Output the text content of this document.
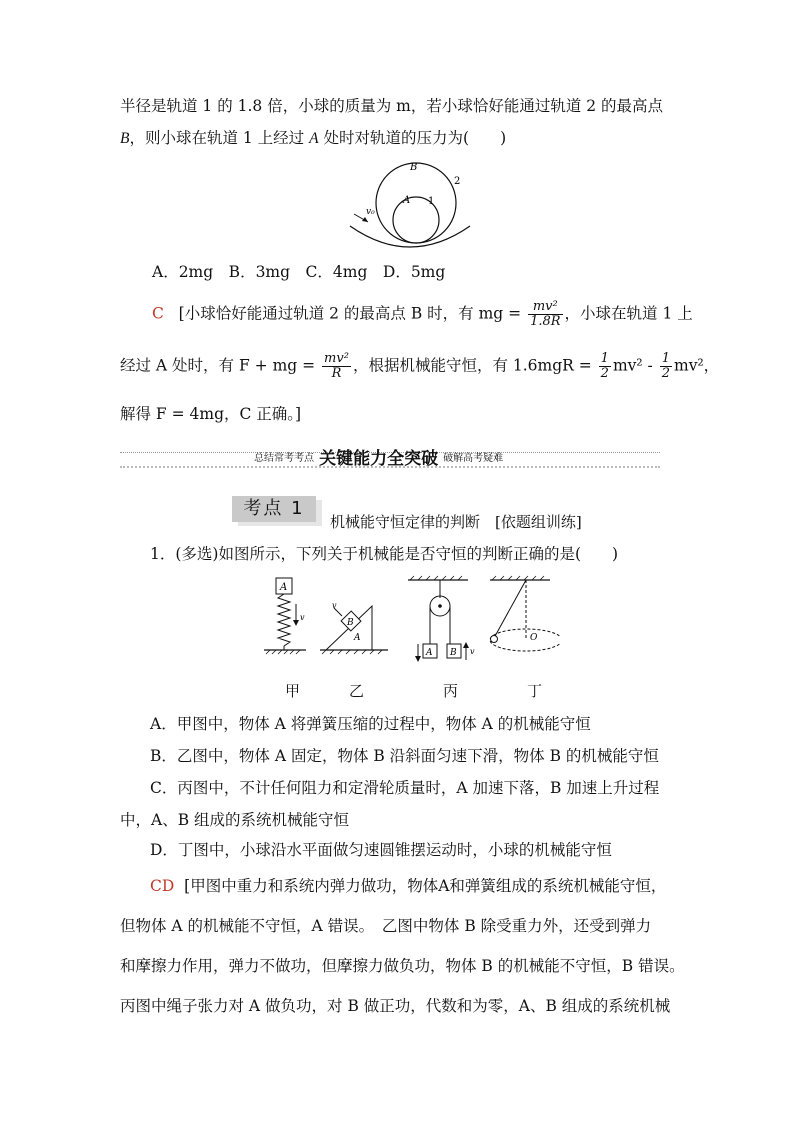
半径是轨道 1 的 1.8 倍，小球的质量为 m，若小球恰好能通过轨道 2 的最高点
B，则小球在轨道 1 上经过 A 处时对轨道的压力为(　　)
B
A 1
2
v₀
A．2mg　B．3mg　C．4mg　D．5mg
C [小球恰好能通过轨道 2 的最高点 B 时，有 mg = $\frac{\text{mv²}}{1.8R}$ ，小球在轨道 1 上
经过 A 处时，有 F + mg = $\frac{\text{mv²}}{R}$ ，根据机械能守恒，有 $1.6mgR = \frac{1}{2} mv^2 - \frac{1}{2} mv^2$，
解得 F = 4mg，C 正确。]
总结常考考点 关键能力全突破 破解高考疑难
考点 1
机械能守恒定律的判断　[依题组训练]
1．(多选)如图所示，下列关于机械能是否守恒的判断正确的是(　　)
A
v
B
A
v
A B v
O
甲	乙	丙	丁
A．甲图中，物体 A 将弹簧压缩的过程中，物体 A 的机械能守恒
B．乙图中，物体 A 固定，物体 B 沿斜面匀速下滑，物体 B 的机械能守恒
C．丙图中，不计任何阻力和定滑轮质量时，A 加速下落，B 加速上升过程
中，A、B 组成的系统机械能守恒
D．丁图中，小球沿水平面做匀速圆锥摆运动时，小球的机械能守恒
CD [甲图中重力和系统内弹力做功，物体A和弹簧组成的系统机械能守恒，
但物体 A 的机械能不守恒，A 错误。　乙图中物体 B 除受重力外，还受到弹力
和摩擦力作用，弹力不做功，但摩擦力做负功，物体 B 的机械能不守恒，B 错误。
丙图中绳子张力对 A 做负功，对 B 做正功，代数和为零，A、B 组成的系统机械
